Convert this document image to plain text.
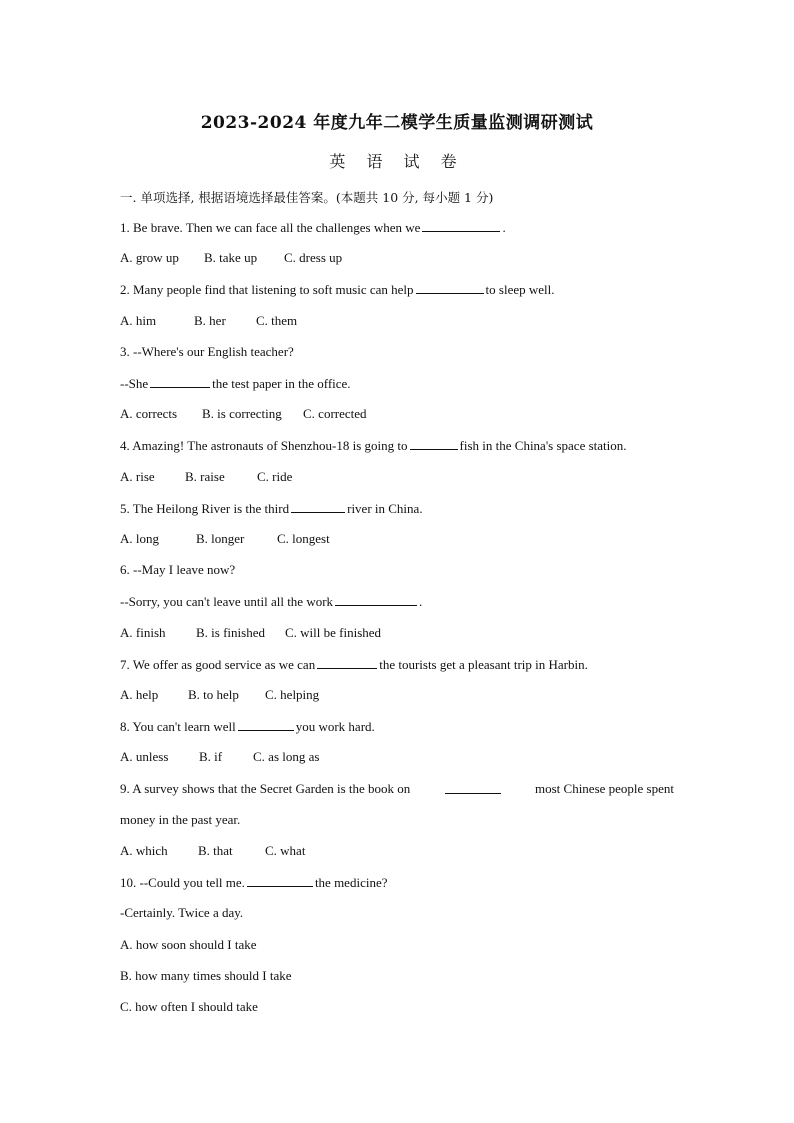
2023-2024 年度九年二模学生质量监测调研测试
英 语 试 卷
一. 单项选择, 根据语境选择最佳答案。(本题共 10 分, 每小题 1 分)
1. Be brave. Then we can face all the challenges when we	.
A. grow up B. take up C. dress up
2. Many people find that listening to soft music can help	to sleep well.
A. him	B. her C. them
3. --Where's our English teacher?
--She	the test paper in the office.
A. corrects B. is correcting C. corrected
4. Amazing! The astronauts of Shenzhou-18 is going to	fish in the China's space station.
A. rise B. raise C. ride
5. The Heilong River is the third	river in China.
A. long	B. longer	C. longest
6. --May I leave now?
--Sorry, you can't leave until all the work	.
A. finish B. is finished C. will be finished
7. We offer as good service as we can	the tourists get a pleasant trip in Harbin.
A. help B. to help C. helping
8. You can't learn well	you work hard.
A. unless B. if C. as long as
9. A survey shows that the Secret Garden is the book on	most Chinese people spent
money in the past year.
A. which B. that C. what
10. --Could you tell me.	the medicine?
-Certainly. Twice a day.
A. how soon should I take
B. how many times should I take
C. how often I should take
